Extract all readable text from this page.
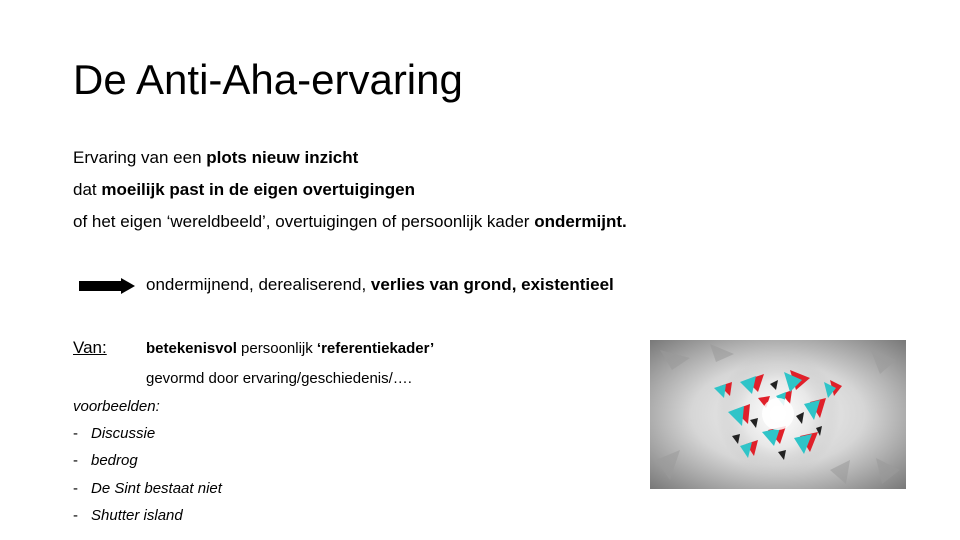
De Anti-Aha-ervaring
Ervaring van een plots nieuw inzicht
dat moeilijk past in de eigen overtuigingen
of het eigen ‘wereldbeeld’, overtuigingen of persoonlijk kader ondermijnt.
ondermijnend, derealiserend, verlies van grond, existentieel
Van:	betekenisvol persoonlijk ‘referentiekader’
gevormd door ervaring/geschiedenis/….
voorbeelden:
- Discussie
- bedrog
- De Sint bestaat niet
- Shutter island
